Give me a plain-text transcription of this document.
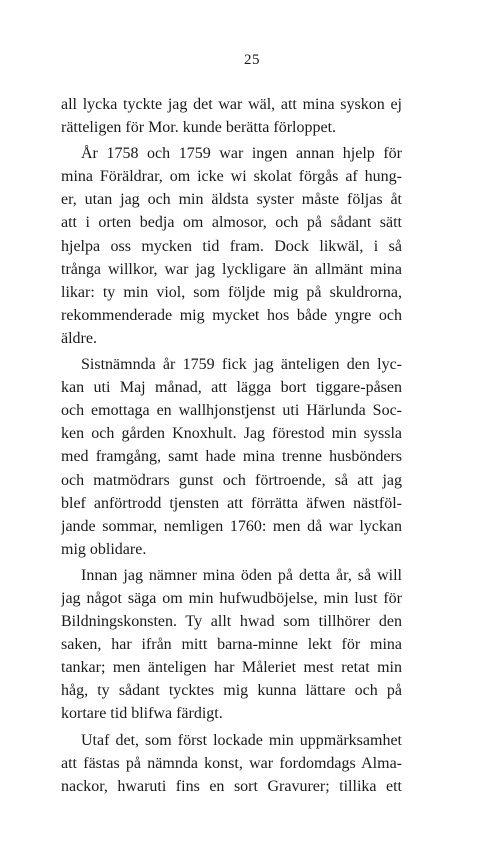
25
all lycka tyckte jag det war wäl, att mina syskon ej
rätteligen för Mor. kunde berätta förloppet.
År 1758 och 1759 war ingen annan hjelp för
mina Föräldrar, om icke wi skolat förgås af hung-
er, utan jag och min äldsta syster måste följas åt
att i orten bedja om almosor, och på sådant sätt
hjelpa oss mycken tid fram. Dock likwäl, i så
trånga willkor, war jag lyckligare än allmänt mina
likar: ty min viol, som följde mig på skuldrorna,
rekommenderade mig mycket hos både yngre och
äldre.
Sistnämnda år 1759 fick jag änteligen den lyc-
kan uti Maj månad, att lägga bort tiggare-påsen
och emottaga en wallhjonstjenst uti Härlunda Soc-
ken och gården Knoxhult. Jag förestod min syssla
med framgång, samt hade mina trenne husbönders
och matmödrars gunst och förtroende, så att jag
blef anförtrodd tjensten att förrätta äfwen nästföl-
jande sommar, nemligen 1760: men då war lyckan
mig oblidare.
Innan jag nämner mina öden på detta år, så will
jag något säga om min hufwudböjelse, min lust för
Bildningskonsten. Ty allt hwad som tillhörer den
saken, har ifrån mitt barna-minne lekt för mina
tankar; men änteligen har Måleriet mest retat min
håg, ty sådant tycktes mig kunna lättare och på
kortare tid blifwa färdigt.
Utaf det, som först lockade min uppmärksamhet
att fästas på nämnda konst, war fordomdags Alma-
nackor, hwaruti fins en sort Gravurer; tillika ett
